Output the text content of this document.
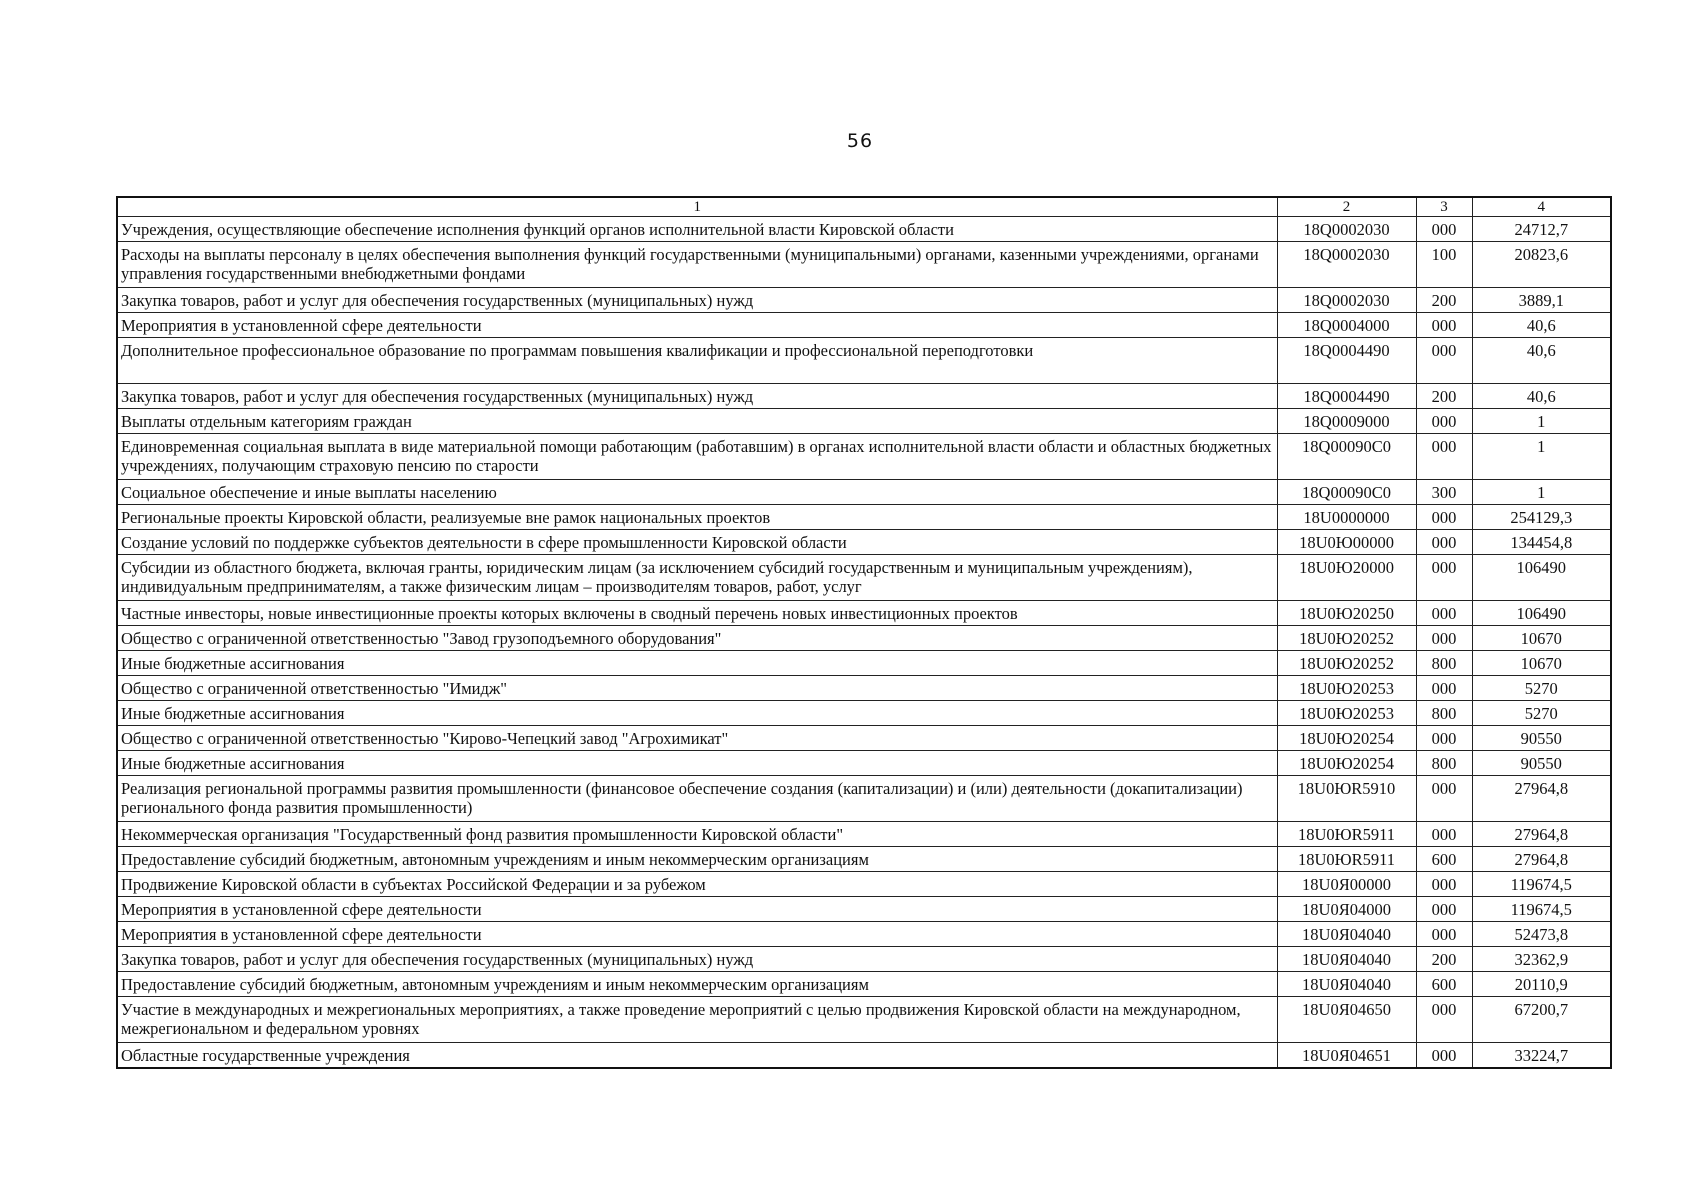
56
1	2	3	4
Учреждения, осуществляющие обеспечение исполнения функций органов исполнительной власти Кировской области	18Q0002030	000	24712,7
Расходы на выплаты персоналу в целях обеспечения выполнения функций государственными (муниципальными) органами, казенными учреждениями, органами управления государственными внебюджетными фондами	18Q0002030	100	20823,6
Закупка товаров, работ и услуг для обеспечения государственных (муниципальных) нужд	18Q0002030	200	3889,1
Мероприятия в установленной сфере деятельности	18Q0004000	000	40,6
Дополнительное профессиональное образование по программам повышения квалификации и профессиональной переподготовки	18Q0004490	000	40,6
Закупка товаров, работ и услуг для обеспечения государственных (муниципальных) нужд	18Q0004490	200	40,6
Выплаты отдельным категориям граждан	18Q0009000	000	1
Единовременная социальная выплата в виде материальной помощи работающим (работавшим) в органах исполнительной власти области и областных бюджетных учреждениях, получающим страховую пенсию по старости	18Q00090C0	000	1
Социальное обеспечение и иные выплаты населению	18Q00090C0	300	1
Региональные проекты Кировской области, реализуемые вне рамок национальных проектов	18U0000000	000	254129,3
Создание условий по поддержке субъектов деятельности в сфере промышленности Кировской области	18U0Ю00000	000	134454,8
Субсидии из областного бюджета, включая гранты, юридическим лицам (за исключением субсидий государственным и муниципальным учреждениям), индивидуальным предпринимателям, а также физическим лицам – производителям товаров, работ, услуг	18U0Ю20000	000	106490
Частные инвесторы, новые инвестиционные проекты которых включены в сводный перечень новых инвестиционных проектов	18U0Ю20250	000	106490
Общество с ограниченной ответственностью "Завод грузоподъемного оборудования"	18U0Ю20252	000	10670
Иные бюджетные ассигнования	18U0Ю20252	800	10670
Общество с ограниченной ответственностью "Имидж"	18U0Ю20253	000	5270
Иные бюджетные ассигнования	18U0Ю20253	800	5270
Общество с ограниченной ответственностью "Кирово-Чепецкий завод "Агрохимикат"	18U0Ю20254	000	90550
Иные бюджетные ассигнования	18U0Ю20254	800	90550
Реализация региональной программы развития промышленности (финансовое обеспечение создания (капитализации) и (или) деятельности (докапитализации) регионального фонда развития промышленности)	18U0ЮR5910	000	27964,8
Некоммерческая организация "Государственный фонд развития промышленности Кировской области"	18U0ЮR5911	000	27964,8
Предоставление субсидий бюджетным, автономным учреждениям и иным некоммерческим организациям	18U0ЮR5911	600	27964,8
Продвижение Кировской области в субъектах Российской Федерации и за рубежом	18U0Я00000	000	119674,5
Мероприятия в установленной сфере деятельности	18U0Я04000	000	119674,5
Мероприятия в установленной сфере деятельности	18U0Я04040	000	52473,8
Закупка товаров, работ и услуг для обеспечения государственных (муниципальных) нужд	18U0Я04040	200	32362,9
Предоставление субсидий бюджетным, автономным учреждениям и иным некоммерческим организациям	18U0Я04040	600	20110,9
Участие в международных и межрегиональных мероприятиях, а также проведение мероприятий с целью продвижения Кировской области на международном, межрегиональном и федеральном уровнях	18U0Я04650	000	67200,7
Областные государственные учреждения	18U0Я04651	000	33224,7
